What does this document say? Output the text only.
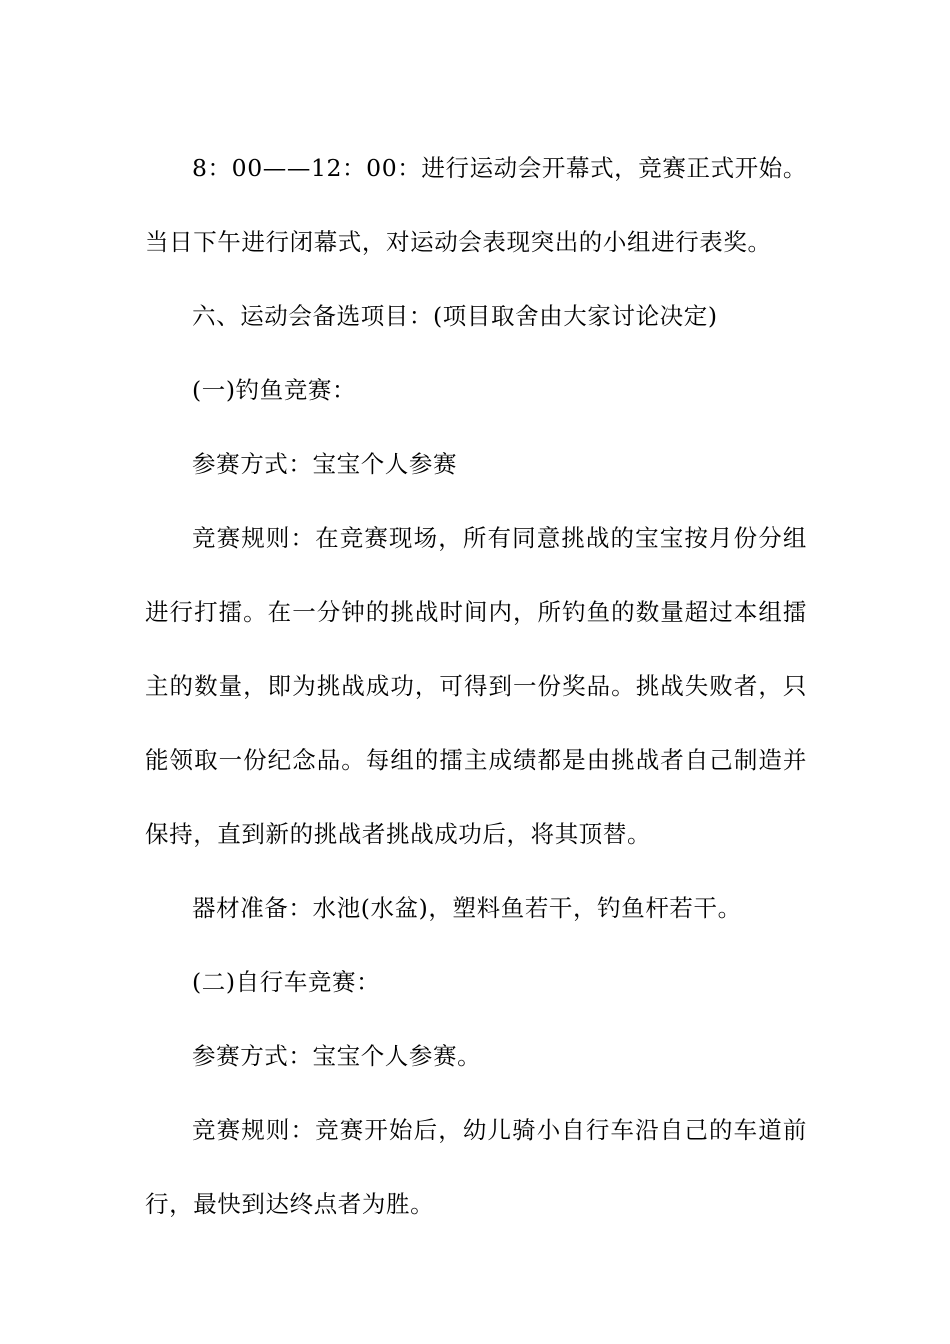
8：00——12：00：进行运动会开幕式，竞赛正式开始。当日下午进行闭幕式，对运动会表现突出的小组进行表奖。

六、运动会备选项目：(项目取舍由大家讨论决定)

(一)钓鱼竞赛：

参赛方式：宝宝个人参赛

竞赛规则：在竞赛现场，所有同意挑战的宝宝按月份分组进行打擂。在一分钟的挑战时间内，所钓鱼的数量超过本组擂主的数量，即为挑战成功，可得到一份奖品。挑战失败者，只能领取一份纪念品。每组的擂主成绩都是由挑战者自己制造并保持，直到新的挑战者挑战成功后，将其顶替。

器材准备：水池(水盆)，塑料鱼若干，钓鱼杆若干。

(二)自行车竞赛：

参赛方式：宝宝个人参赛。

竞赛规则：竞赛开始后，幼儿骑小自行车沿自己的车道前行，最快到达终点者为胜。
